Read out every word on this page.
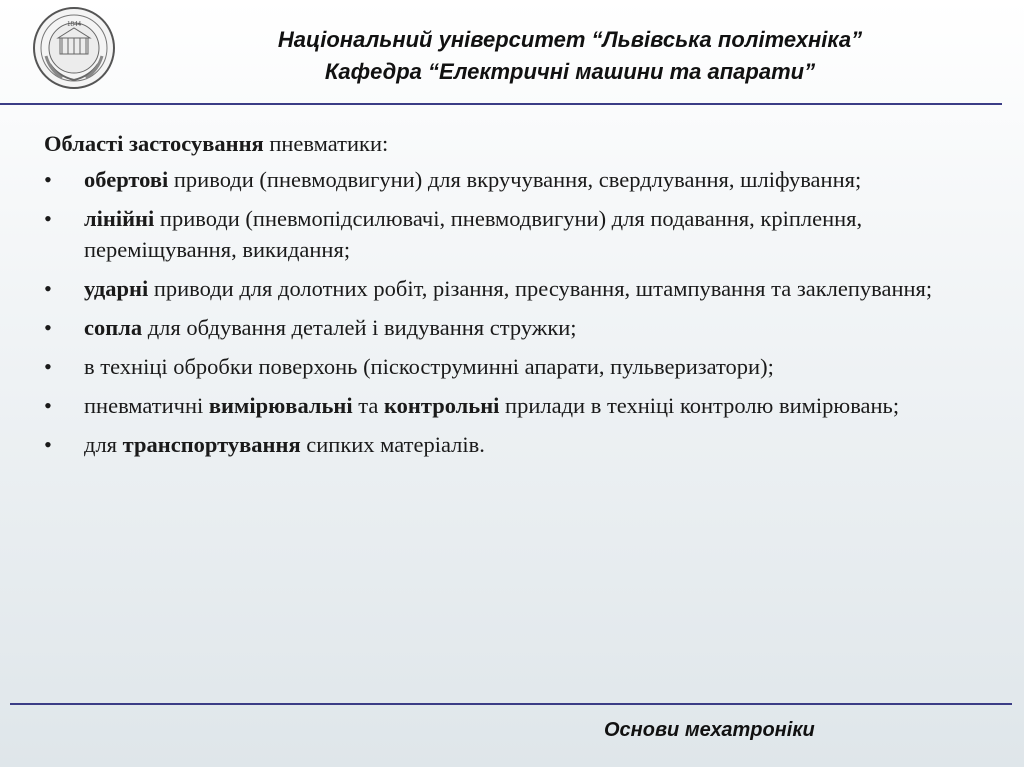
1844
Національний університет “Львівська політехніка”
Кафедра “Електричні машини та апарати”
Області застосування пневматики:
• обертові приводи (пневмодвигуни) для вкручування, свердлування, шліфування;
• лінійні приводи (пневмопідсилювачі, пневмодвигуни) для подавання, кріплення, переміщування, викидання;
• ударні приводи для долотних робіт, різання, пресування, штампування та заклепування;
• сопла для обдування деталей і видування стружки;
• в техніці обробки поверхонь (піскоструминні апарати, пульверизатори);
• пневматичні вимірювальні та контрольні прилади в техніці контролю вимірювань;
• для транспортування сипких матеріалів.
Основи мехатроніки
